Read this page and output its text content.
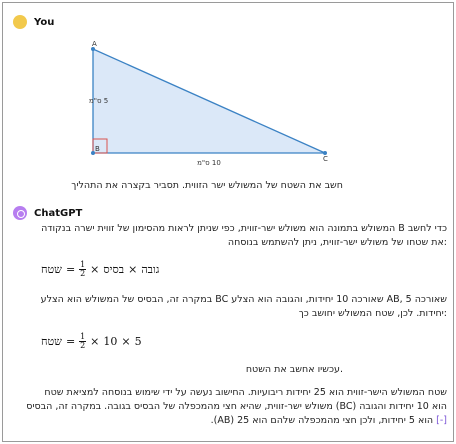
You
A
B
C
5 ס"מ
10 ס"מ
חשב את השטח של המשולש ישר הזווית. תסביר בקצרה את התהליך
ChatGPT
כדי לחשב B המשולש בתמונה הוא משולש ישר-זווית, כפי שניתן לראות מהסימון של זווית ישרה בנקודה
:את שטחו של משולש ישר-זווית, ניתן להשתמש בנוסחה
שטח = $\frac{1}{2}$ × בסיס × גובה
שאורכה AB, 5 שאורכה 10 יחידות, והגובה הוא הצלע BC במקרה זה, הבסיס של המשולש הוא הצלע
:יחידות. לכן, שטח המשולש יחושב כך
שטח = $\frac{1}{2} \times 10 \times 5$
.עכשיו אחשב את השטח
שטח המשולש הישר-זווית הוא 25 יחידות ריבועיות. החישוב נעשה על ידי שימוש בנוסחה למציאת שטח
הוא 10 יחידות והגובה (BC) משולש ישר-זווית, שהיא חצי מהמכפלה של הבסיס בגובה. במקרה זה, הבסיס
[-] הוא 5 יחידות, ולכן חצי מהמכפלה שלהם הוא 25 (AB).
